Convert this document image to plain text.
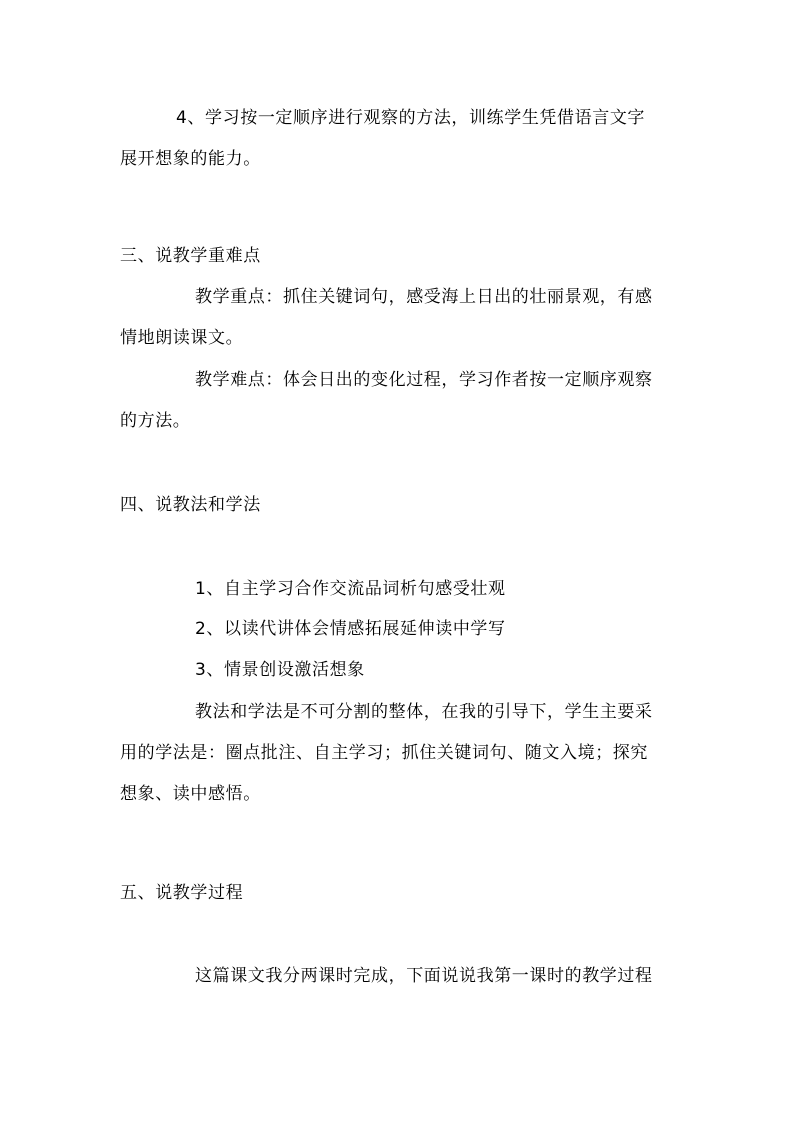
4、学习按一定顺序进行观察的方法，训练学生凭借语言文字
展开想象的能力。
三、说教学重难点
教学重点：抓住关键词句，感受海上日出的壮丽景观，有感
情地朗读课文。
教学难点：体会日出的变化过程，学习作者按一定顺序观察
的方法。
四、说教法和学法
1、自主学习合作交流品词析句感受壮观
2、以读代讲体会情感拓展延伸读中学写
3、情景创设激活想象
教法和学法是不可分割的整体，在我的引导下，学生主要采
用的学法是：圈点批注、自主学习；抓住关键词句、随文入境；探究
想象、读中感悟。
五、说教学过程
这篇课文我分两课时完成，下面说说我第一课时的教学过程
